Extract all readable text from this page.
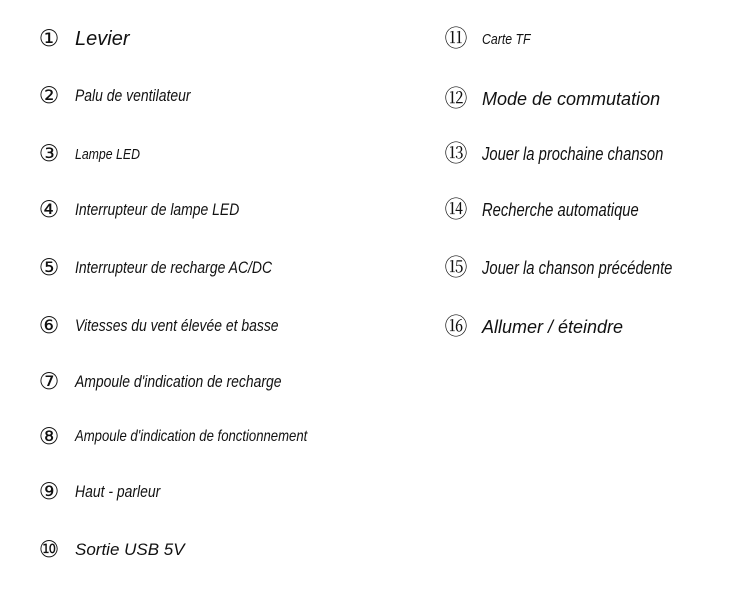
① Levier
② Palu de ventilateur
③ Lampe LED
④ Interrupteur de lampe LED
⑤ Interrupteur de recharge AC/DC
⑥ Vitesses du vent élevée et basse
⑦ Ampoule d'indication de recharge
⑧ Ampoule d'indication de fonctionnement
⑨ Haut - parleur
⑩ Sortie USB 5V
⑪ Carte TF
⑫ Mode de commutation
⑬ Jouer la prochaine chanson
⑭ Recherche automatique
⑮ Jouer la chanson précédente
⑯ Allumer / éteindre
